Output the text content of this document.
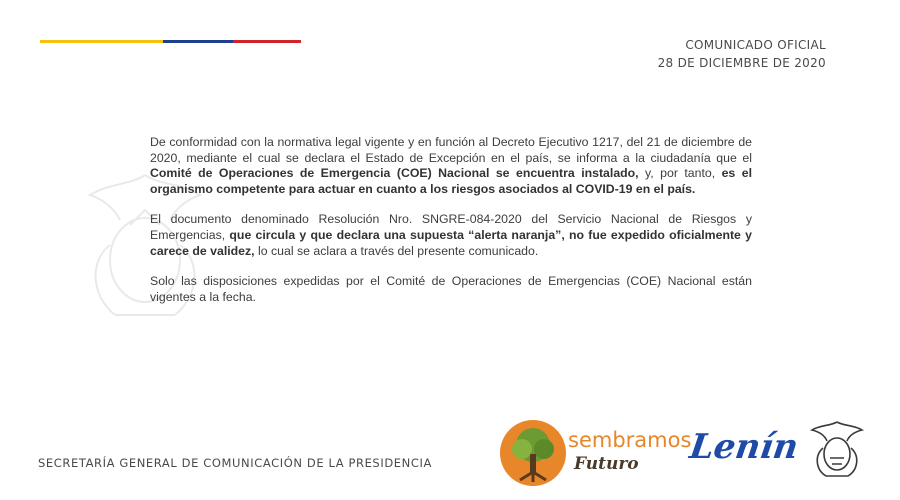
COMUNICADO OFICIAL
28 DE DICIEMBRE DE 2020

De conformidad con la normativa legal vigente y en función al Decreto Ejecutivo 1217, del 21 de diciembre de 2020, mediante el cual se declara el Estado de Excepción en el país, se informa a la ciudadanía que el Comité de Operaciones de Emergencia (COE) Nacional se encuentra instalado, y, por tanto, es el organismo competente para actuar en cuanto a los riesgos asociados al COVID-19 en el país.

El documento denominado Resolución Nro. SNGRE-084-2020 del Servicio Nacional de Riesgos y Emergencias, que circula y que declara una supuesta “alerta naranja”, no fue expedido oficialmente y carece de validez, lo cual se aclara a través del presente comunicado.

Solo las disposiciones expedidas por el Comité de Operaciones de Emergencias (COE) Nacional están vigentes a la fecha.

SECRETARÍA GENERAL DE COMUNICACIÓN DE LA PRESIDENCIA
sembramos
Futuro Lenín
